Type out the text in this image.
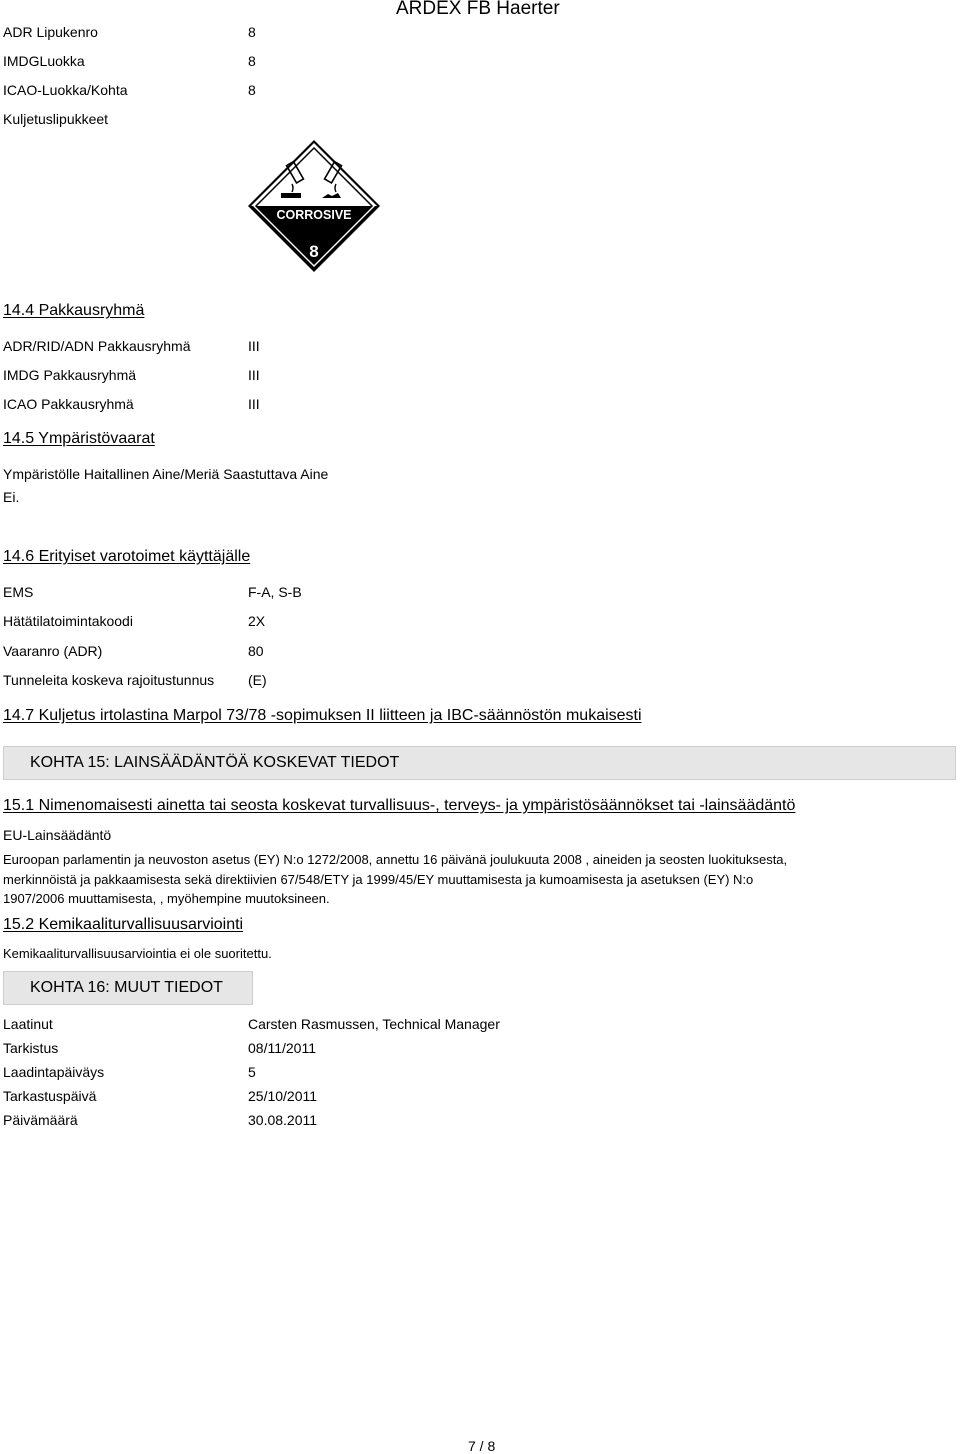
ARDEX FB Haerter
ADR Lipukenro	8
IMDGLuokka	8
ICAO-Luokka/Kohta	8
Kuljetuslipukkeet
CORROSIVE
8
14.4 Pakkausryhmä
ADR/RID/ADN Pakkausryhmä	III
IMDG Pakkausryhmä	III
ICAO Pakkausryhmä	III
14.5 Ympäristövaarat
Ympäristölle Haitallinen Aine/Meriä Saastuttava Aine
Ei.
14.6 Erityiset varotoimet käyttäjälle
EMS	F-A, S-B
Hätätilatoimintakoodi	2X
Vaaranro (ADR)	80
Tunneleita koskeva rajoitustunnus (E)
14.7 Kuljetus irtolastina Marpol 73/78 -sopimuksen II liitteen ja IBC-säännöstön mukaisesti
KOHTA 15: LAINSÄÄDÄNTÖÄ KOSKEVAT TIEDOT
15.1 Nimenomaisesti ainetta tai seosta koskevat turvallisuus-, terveys- ja ympäristösäännökset tai -lainsäädäntö
EU-Lainsäädäntö
Euroopan parlamentin ja neuvoston asetus (EY) N:o 1272/2008, annettu 16 päivänä joulukuuta 2008 , aineiden ja seosten luokituksesta,
merkinnöistä ja pakkaamisesta sekä direktiivien 67/548/ETY ja 1999/45/EY muuttamisesta ja kumoamisesta ja asetuksen (EY) N:o
1907/2006 muuttamisesta, , myöhempine muutoksineen.
15.2 Kemikaaliturvallisuusarviointi
Kemikaaliturvallisuusarviointia ei ole suoritettu.
KOHTA 16: MUUT TIEDOT
Laatinut	Carsten Rasmussen, Technical Manager
Tarkistus	08/11/2011
Laadintapäiväys	5
Tarkastuspäivä	25/10/2011
Päivämäärä	30.08.2011
7 / 8
